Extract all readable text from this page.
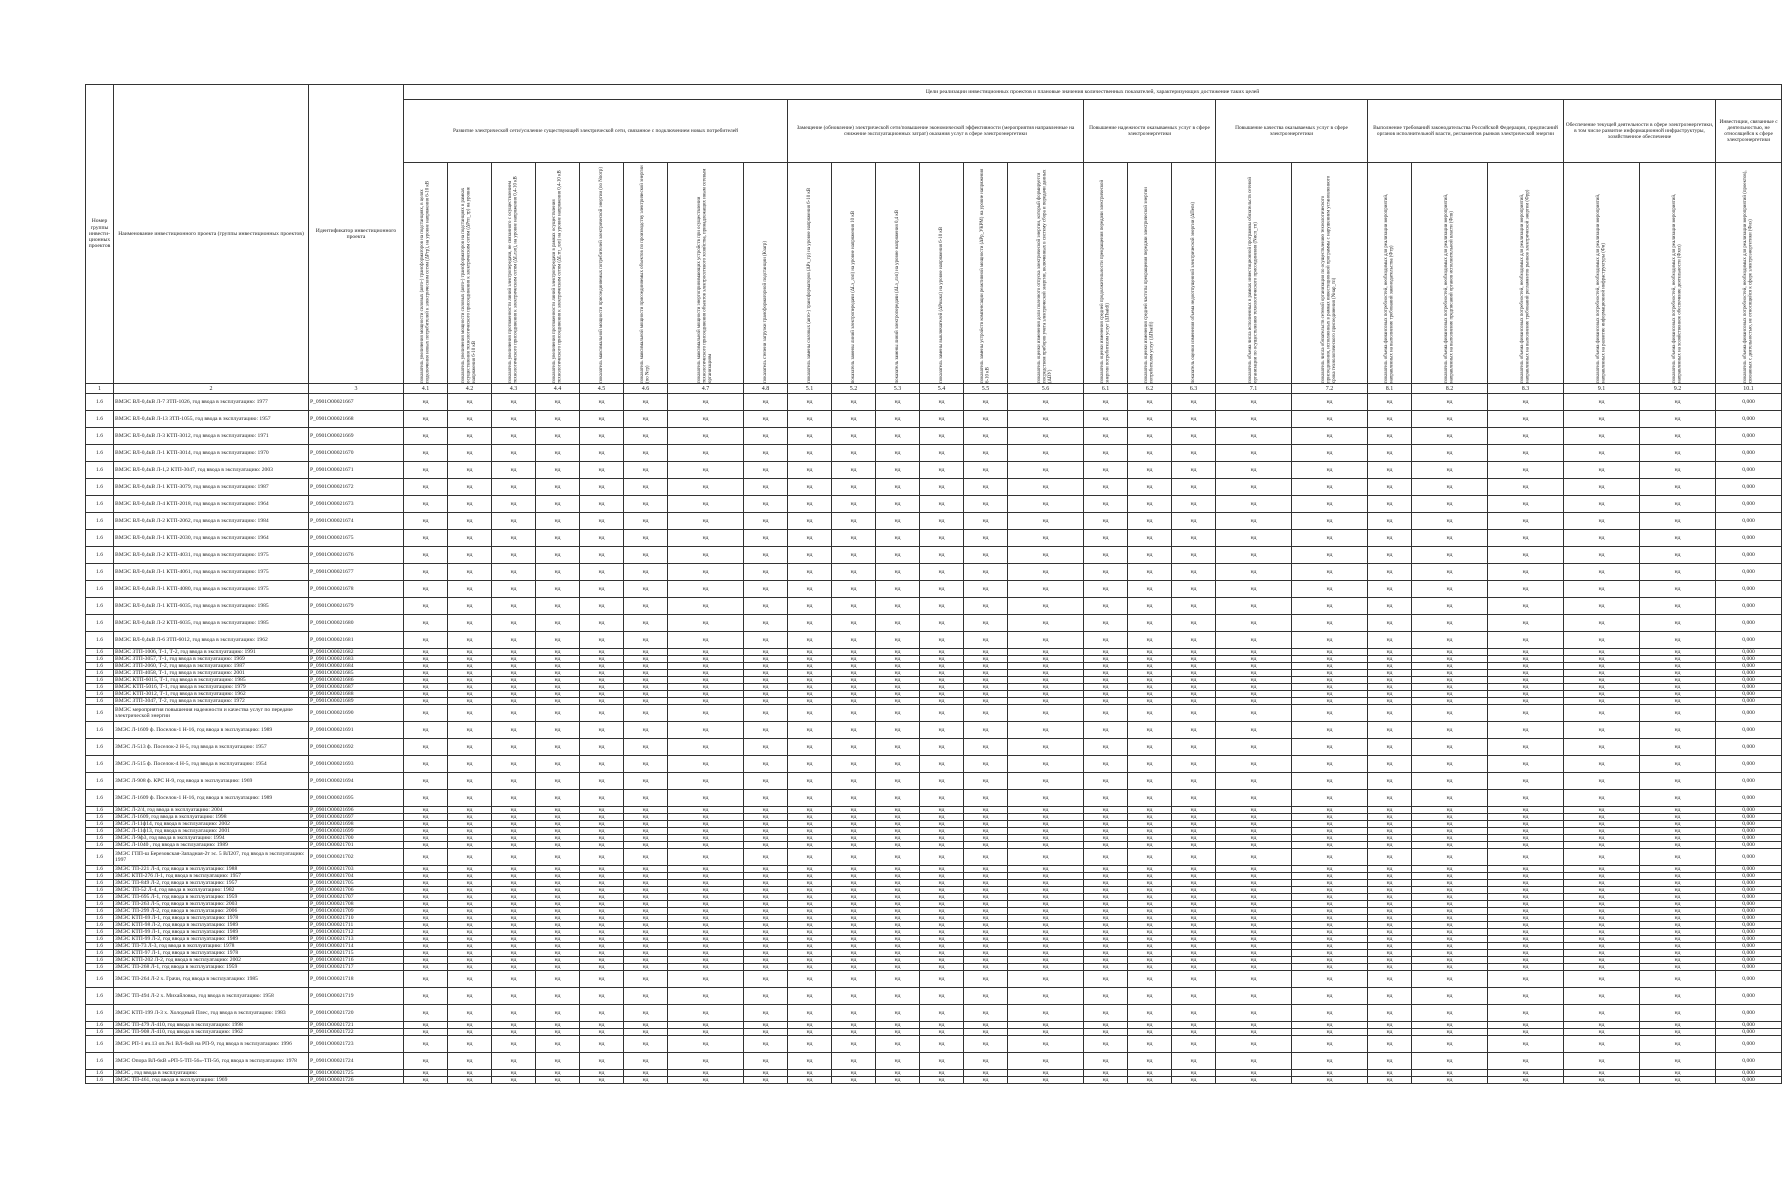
Номер группы инвести-ционных проектов	Наименование инвестиционного проекта (группы инвестиционных проектов)	Идентификатор инвестиционного проекта	Цели реализации инвестиционных проектов и плановые значения количественных показателей, характеризующих достижение таких целей																								
			Развитие электрической сети/усиление существующей электрической сети, связанное с подключением новых потребителей								Замещение (обновление) электрической сети/повышение экономической эффективности (мероприятия направленные на снижение эксплуатационных затрат) оказания услуг в сфере электроэнергетики						Повышение надежности оказываемых услуг в сфере электроэнергетики			Повышение качества оказываемых услуг в сфере электроэнергетики		Выполнение требований законодательства Российской Федерации, предписаний органов исполнительной власти, регламентов рынков электрической энергии			Обеспечение текущей деятельности в сфере электроэнергетики, в том числе развитие информационной инфраструктуры, хозяйственное обеспечение		Инвестиции, связанные с деятельностью, не относящейся к сфере электроэнергетики

			показатель увеличения мощности силовых (авто-) трансформаторов на подстанциях, в целях подключения новых потребителей к электрическим сетям (ΔPтр), на уровне напряжения 6-10 кВ	показатель увеличения мощности силовых (авто-) трансформаторов на подстанциях в рамках осуществления технологического присоединения к электрическим сетям (ΔPтп_тр) на уровне напряжения 6-10 кВ	показатель увеличения протяженности линий электропередачи, не связанного с осуществлением технологического присоединения к электрическим сетям (ΔLлэп), на уровне напряжения 0,4-10 кВ	показатель увеличения протяженности линий электропередачи в рамках осуществления технологического присоединения к электрическим сетям (ΔLтп_лэп) на уровне напряжения 0,4-10 кВ	показатель максимальной мощности присоединяемых потребителей электрической энергии (по Nпотр)	показатель максимальной мощности присоединяемых объектов по производству электрической энергии (по Nгр)	показатель максимальной мощности энергопринимающих устройств при осуществлении технологического присоединения объектов электросетевого хозяйства, принадлежащих иным сетевым организациям	показатель степени загрузки трансформаторной подстанции (Кзагр)	показатель замены силовых (авто-) трансформаторов (ΔPз_тр) на уровне напряжения 6-10 кВ	показатель замены линий электропередачи (ΔLз_лэп) на уровне напряжения 10 кВ	показатель замены линий электропередачи (ΔLз_лэп) на уровне напряжения 0,4 кВ	показатель замены выключателей (ΔPвыкл) на уровне напряжения 6-10 кВ	показатель замены устройств компенсации реактивной мощности (ΔPр_УКРМ) на уровне напряжения 6-10 кВ	показатель оценки изменения доли полезного отпуска электрической энергии, который формируется посредством приборов учета электрической энергии, включенных в систему сбора и передачи данных (ΔDУ)	показатель оценки изменения средней продолжительности прекращения передачи электрической энергии потребителям услуг (ΔПsaidi)	показатель оценки изменения средней частоты прекращения передачи электрической энергии потребителям услуг (ΔПsaifi)	показатель оценки изменения объема недоотпущенной электрической энергии (ΔПens)	показатель объема числа исполненных в рамках инвестиционной программы обязательств сетевой организации по осуществлению технологического присоединения (Nисп_тп)	показатель числа обязательств сетевой организации по осуществлению технологического присоединения, исполненных в рамках инвестиционной программы с нарушением установленного срока технологического присоединения (Nнар_тп)	показатель объема финансовых потребностей, необходимых для реализации мероприятий, направленных на выполнение требований законодательства (Фтр)	показатель объема финансовых потребностей, необходимых для реализации мероприятий, направленных на выполнение предписаний органов исполнительной власти (Фпв)	показатель объема финансовых потребностей, необходимых для реализации мероприятий, направленных на выполнение требований регламентов рынков электрической энергии (Фрр)	показатель объема финансовых потребностей, необходимых для реализации мероприятий, направленных на развитие информационной инфраструктуры (Фи)	показатель объема финансовых потребностей, необходимых для реализации мероприятий, направленных на хозяйственное обеспечение деятельности (Фхоз)	показатель объема финансовых потребностей, необходимых для реализации мероприятий (проектов), связанных с деятельностью, не относящейся к сфере электроэнергетики (Фнэ)

1	2	3	4.1	4.2	4.3	4.4	4.5	4.6	4.7	4.8	5.1	5.2	5.3	5.4	5.5	5.6	6.1	6.2	6.3	7.1	7.2	8.1	8.2	8.3	9.1	9.2	10.1
1.6	ВМЭС ВЛ-0,4кВ Л-7 ЗТП-1026, год ввода в эксплуатацию: 1977	P_0901O00021667	нд	нд	нд	нд	нд	нд	нд	нд	нд	нд	нд	нд	нд	нд	нд	нд	нд	нд	нд	нд	нд	нд	нд	нд	0,000
1.6	ВМЭС ВЛ-0,4кВ Л-13 ЗТП-1055, год ввода в эксплуатацию: 1957	P_0901O00021668	нд	нд	нд	нд	нд	нд	нд	нд	нд	нд	нд	нд	нд	нд	нд	нд	нд	нд	нд	нд	нд	нд	нд	нд	0,000
1.6	ВМЭС ВЛ-0,4кВ Л-3 КТП-3012, год ввода в эксплуатацию: 1971	P_0901O00021669	нд	нд	нд	нд	нд	нд	нд	нд	нд	нд	нд	нд	нд	нд	нд	нд	нд	нд	нд	нд	нд	нд	нд	нд	0,000
1.6	ВМЭС ВЛ-0,4кВ Л-1 КТП-3014, год ввода в эксплуатацию: 1970	P_0901O00021670	нд	нд	нд	нд	нд	нд	нд	нд	нд	нд	нд	нд	нд	нд	нд	нд	нд	нд	нд	нд	нд	нд	нд	нд	0,000
1.6	ВМЭС ВЛ-0,4кВ Л-1,2 КТП-3047, год ввода в эксплуатацию: 2003	P_0901O00021671	нд	нд	нд	нд	нд	нд	нд	нд	нд	нд	нд	нд	нд	нд	нд	нд	нд	нд	нд	нд	нд	нд	нд	нд	0,000
1.6	ВМЭС ВЛ-0,4кВ Л-1 КТП-3079, год ввода в эксплуатацию: 1987	P_0901O00021672	нд	нд	нд	нд	нд	нд	нд	нд	нд	нд	нд	нд	нд	нд	нд	нд	нд	нд	нд	нд	нд	нд	нд	нд	0,000
1.6	ВМЭС ВЛ-0,4кВ Л-4 КТП-2018, год ввода в эксплуатацию: 1964	P_0901O00021673	нд	нд	нд	нд	нд	нд	нд	нд	нд	нд	нд	нд	нд	нд	нд	нд	нд	нд	нд	нд	нд	нд	нд	нд	0,000
1.6	ВМЭС ВЛ-0,4кВ Л-2 КТП-2062, год ввода в эксплуатацию: 1984	P_0901O00021674	нд	нд	нд	нд	нд	нд	нд	нд	нд	нд	нд	нд	нд	нд	нд	нд	нд	нд	нд	нд	нд	нд	нд	нд	0,000
1.6	ВМЭС ВЛ-0,4кВ Л-1 КТП-2030, год ввода в эксплуатацию: 1964	P_0901O00021675	нд	нд	нд	нд	нд	нд	нд	нд	нд	нд	нд	нд	нд	нд	нд	нд	нд	нд	нд	нд	нд	нд	нд	нд	0,000
1.6	ВМЭС ВЛ-0,4кВ Л-2 КТП-4031, год ввода в эксплуатацию: 1975	P_0901O00021676	нд	нд	нд	нд	нд	нд	нд	нд	нд	нд	нд	нд	нд	нд	нд	нд	нд	нд	нд	нд	нд	нд	нд	нд	0,000
1.6	ВМЭС ВЛ-0,4кВ Л-1 КТП-4061, год ввода в эксплуатацию: 1975	P_0901O00021677	нд	нд	нд	нд	нд	нд	нд	нд	нд	нд	нд	нд	нд	нд	нд	нд	нд	нд	нд	нд	нд	нд	нд	нд	0,000
1.6	ВМЭС ВЛ-0,4кВ Л-1 КТП-4080, год ввода в эксплуатацию: 1975	P_0901O00021678	нд	нд	нд	нд	нд	нд	нд	нд	нд	нд	нд	нд	нд	нд	нд	нд	нд	нд	нд	нд	нд	нд	нд	нд	0,000
1.6	ВМЭС ВЛ-0,4кВ Л-1 КТП-6035, год ввода в эксплуатацию: 1985	P_0901O00021679	нд	нд	нд	нд	нд	нд	нд	нд	нд	нд	нд	нд	нд	нд	нд	нд	нд	нд	нд	нд	нд	нд	нд	нд	0,000
1.6	ВМЭС ВЛ-0,4кВ Л-2 КТП-6035, год ввода в эксплуатацию: 1985	P_0901O00021680	нд	нд	нд	нд	нд	нд	нд	нд	нд	нд	нд	нд	нд	нд	нд	нд	нд	нд	нд	нд	нд	нд	нд	нд	0,000
1.6	ВМЭС ВЛ-0,4кВ Л-6 ЗТП-6012, год ввода в эксплуатацию: 1962	P_0901O00021681	нд	нд	нд	нд	нд	нд	нд	нд	нд	нд	нд	нд	нд	нд	нд	нд	нд	нд	нд	нд	нд	нд	нд	нд	0,000
1.6	ВМЭС ЗТП-1006, Т-1, Т-2, год ввода в эксплуатацию: 1991	P_0901O00021682	нд	нд	нд	нд	нд	нд	нд	нд	нд	нд	нд	нд	нд	нд	нд	нд	нд	нд	нд	нд	нд	нд	нд	нд	0,000
1.6	ВМЭС ЗТП-3057, Т-1, год ввода в эксплуатацию: 1969	P_0901O00021683	нд	нд	нд	нд	нд	нд	нд	нд	нд	нд	нд	нд	нд	нд	нд	нд	нд	нд	нд	нд	нд	нд	нд	нд	0,000
1.6	ВМЭС ЗТП-2060, Т-2, год ввода в эксплуатацию: 1987	P_0901O00021684	нд	нд	нд	нд	нд	нд	нд	нд	нд	нд	нд	нд	нд	нд	нд	нд	нд	нд	нд	нд	нд	нд	нд	нд	0,000
1.6	ВМЭС ЗТП-4058, Т-1, год ввода в эксплуатацию: 2001	P_0901O00021685	нд	нд	нд	нд	нд	нд	нд	нд	нд	нд	нд	нд	нд	нд	нд	нд	нд	нд	нд	нд	нд	нд	нд	нд	0,000
1.6	ВМЭС КТП-6015, Т-1, год ввода в эксплуатацию: 1985	P_0901O00021686	нд	нд	нд	нд	нд	нд	нд	нд	нд	нд	нд	нд	нд	нд	нд	нд	нд	нд	нд	нд	нд	нд	нд	нд	0,000
1.6	ВМЭС КТП-5016, Т-1, год ввода в эксплуатацию: 1979	P_0901O00021687	нд	нд	нд	нд	нд	нд	нд	нд	нд	нд	нд	нд	нд	нд	нд	нд	нд	нд	нд	нд	нд	нд	нд	нд	0,000
1.6	ВМЭС КТП-3012, Т-1, год ввода в эксплуатацию: 1962	P_0901O00021688	нд	нд	нд	нд	нд	нд	нд	нд	нд	нд	нд	нд	нд	нд	нд	нд	нд	нд	нд	нд	нд	нд	нд	нд	0,000
1.6	ВМЭС ЗТП-3047, Т-2, год ввода в эксплуатацию: 1972	P_0901O00021689	нд	нд	нд	нд	нд	нд	нд	нд	нд	нд	нд	нд	нд	нд	нд	нд	нд	нд	нд	нд	нд	нд	нд	нд	0,000
1.6	ВМЭС мероприятия повышения надежности и качества услуг по передаче электрической энергии	P_0901O00021690	нд	нд	нд	нд	нд	нд	нд	нд	нд	нд	нд	нд	нд	нд	нд	нд	нд	нд	нд	нд	нд	нд	нд	нд	0,000
1.6	ЗМЭС Л-1609 ф. Поселок-1 Н-16, год ввода в эксплуатацию: 1989	P_0901O00021691	нд	нд	нд	нд	нд	нд	нд	нд	нд	нд	нд	нд	нд	нд	нд	нд	нд	нд	нд	нд	нд	нд	нд	нд	0,000
1.6	ЗМЭС Л-513 ф. Поселок-2 Н-5, год ввода в эксплуатацию: 1957	P_0901O00021692	нд	нд	нд	нд	нд	нд	нд	нд	нд	нд	нд	нд	нд	нд	нд	нд	нд	нд	нд	нд	нд	нд	нд	нд	0,000
1.6	ЗМЭС Л-515 ф. Поселок-4 Н-5, год ввода в эксплуатацию: 1954	P_0901O00021693	нд	нд	нд	нд	нд	нд	нд	нд	нд	нд	нд	нд	нд	нд	нд	нд	нд	нд	нд	нд	нд	нд	нд	нд	0,000
1.6	ЗМЭС Л-908 ф. КРС Н-9, год ввода в эксплуатацию: 1969	P_0901O00021694	нд	нд	нд	нд	нд	нд	нд	нд	нд	нд	нд	нд	нд	нд	нд	нд	нд	нд	нд	нд	нд	нд	нд	нд	0,000
1.6	ЗМЭС Л-1609 ф. Поселок-1 Н-16, год ввода в эксплуатацию: 1989	P_0901O00021695	нд	нд	нд	нд	нд	нд	нд	нд	нд	нд	нд	нд	нд	нд	нд	нд	нд	нд	нд	нд	нд	нд	нд	нд	0,000
1.6	ЗМЭС Л-2/4, год ввода в эксплуатацию: 2004	P_0901O00021696	нд	нд	нд	нд	нд	нд	нд	нд	нд	нд	нд	нд	нд	нд	нд	нд	нд	нд	нд	нд	нд	нд	нд	нд	0,000
1.6	ЗМЭС Л-1609, год ввода в эксплуатацию: 1998	P_0901O00021697	нд	нд	нд	нд	нд	нд	нд	нд	нд	нд	нд	нд	нд	нд	нд	нд	нд	нд	нд	нд	нд	нд	нд	нд	0,000
1.6	ЗМЭС Л-11ф14, год ввода в эксплуатацию: 2002	P_0901O00021698	нд	нд	нд	нд	нд	нд	нд	нд	нд	нд	нд	нд	нд	нд	нд	нд	нд	нд	нд	нд	нд	нд	нд	нд	0,000
1.6	ЗМЭС Л-11ф13, год ввода в эксплуатацию: 2001	P_0901O00021699	нд	нд	нд	нд	нд	нд	нд	нд	нд	нд	нд	нд	нд	нд	нд	нд	нд	нд	нд	нд	нд	нд	нд	нд	0,000
1.6	ЗМЭС Л-9ф3, год ввода в эксплуатацию: 1994	P_0901O00021700	нд	нд	нд	нд	нд	нд	нд	нд	нд	нд	нд	нд	нд	нд	нд	нд	нд	нд	нд	нд	нд	нд	нд	нд	0,000
1.6	ЗМЭС Л-1040 , год ввода в эксплуатацию: 1989	P_0901O00021701	нд	нд	нд	нд	нд	нд	нд	нд	нд	нд	нд	нд	нд	нд	нд	нд	нд	нд	нд	нд	нд	нд	нд	нд	0,000
1.6	ЗМЭС ГПП-ш Березовская-Западная-2т эс. 5 ВЛ207, год ввода в эксплуатацию: 1997	P_0901O00021702	нд	нд	нд	нд	нд	нд	нд	нд	нд	нд	нд	нд	нд	нд	нд	нд	нд	нд	нд	нд	нд	нд	нд	нд	0,000
1.6	ЗМЭС ТП-221 Л-4, год ввода в эксплуатацию: 1988	P_0901O00021703	нд	нд	нд	нд	нд	нд	нд	нд	нд	нд	нд	нд	нд	нд	нд	нд	нд	нд	нд	нд	нд	нд	нд	нд	0,000
1.6	ЗМЭС КТП-276 Л-1, год ввода в эксплуатацию: 1957	P_0901O00021704	нд	нд	нд	нд	нд	нд	нд	нд	нд	нд	нд	нд	нд	нд	нд	нд	нд	нд	нд	нд	нд	нд	нд	нд	0,000
1.6	ЗМЭС ТП-849 Л-2, год ввода в эксплуатацию: 1957	P_0901O00021705	нд	нд	нд	нд	нд	нд	нд	нд	нд	нд	нд	нд	нд	нд	нд	нд	нд	нд	нд	нд	нд	нд	нд	нд	0,000
1.6	ЗМЭС ТП-52 Л-4, год ввода в эксплуатацию: 1982	P_0901O00021706	нд	нд	нд	нд	нд	нд	нд	нд	нд	нд	нд	нд	нд	нд	нд	нд	нд	нд	нд	нд	нд	нд	нд	нд	0,000
1.6	ЗМЭС ТП-695 Л-1, год ввода в эксплуатацию: 1959	P_0901O00021707	нд	нд	нд	нд	нд	нд	нд	нд	нд	нд	нд	нд	нд	нд	нд	нд	нд	нд	нд	нд	нд	нд	нд	нд	0,000
1.6	ЗМЭС ТП-263 Л-5, год ввода в эксплуатацию: 2003	P_0901O00021708	нд	нд	нд	нд	нд	нд	нд	нд	нд	нд	нд	нд	нд	нд	нд	нд	нд	нд	нд	нд	нд	нд	нд	нд	0,000
1.6	ЗМЭС ТП-299 Л-2, год ввода в эксплуатацию: 2006	P_0901O00021709	нд	нд	нд	нд	нд	нд	нд	нд	нд	нд	нд	нд	нд	нд	нд	нд	нд	нд	нд	нд	нд	нд	нд	нд	0,000
1.6	ЗМЭС КТП-69 Л-1, год ввода в эксплуатацию: 1978	P_0901O00021710	нд	нд	нд	нд	нд	нд	нд	нд	нд	нд	нд	нд	нд	нд	нд	нд	нд	нд	нд	нд	нд	нд	нд	нд	0,000
1.6	ЗМЭС КТП-98 Л-2, год ввода в эксплуатацию: 1989	P_0901O00021711	нд	нд	нд	нд	нд	нд	нд	нд	нд	нд	нд	нд	нд	нд	нд	нд	нд	нд	нд	нд	нд	нд	нд	нд	0,000
1.6	ЗМЭС КТП-99 Л-1, год ввода в эксплуатацию: 1989	P_0901O00021712	нд	нд	нд	нд	нд	нд	нд	нд	нд	нд	нд	нд	нд	нд	нд	нд	нд	нд	нд	нд	нд	нд	нд	нд	0,000
1.6	ЗМЭС КТП-99 Л-2, год ввода в эксплуатацию: 1989	P_0901O00021713	нд	нд	нд	нд	нд	нд	нд	нд	нд	нд	нд	нд	нд	нд	нд	нд	нд	нд	нд	нд	нд	нд	нд	нд	0,000
1.6	ЗМЭС ТП-73 Л-3, год ввода в эксплуатацию: 1978	P_0901O00021714	нд	нд	нд	нд	нд	нд	нд	нд	нд	нд	нд	нд	нд	нд	нд	нд	нд	нд	нд	нд	нд	нд	нд	нд	0,000
1.6	ЗМЭС КТП-97 Л-1, год ввода в эксплуатацию: 1978	P_0901O00021715	нд	нд	нд	нд	нд	нд	нд	нд	нд	нд	нд	нд	нд	нд	нд	нд	нд	нд	нд	нд	нд	нд	нд	нд	0,000
1.6	ЗМЭС КТП-202 Л-2, год ввода в эксплуатацию: 2002	P_0901O00021716	нд	нд	нд	нд	нд	нд	нд	нд	нд	нд	нд	нд	нд	нд	нд	нд	нд	нд	нд	нд	нд	нд	нд	нд	0,000
1.6	ЗМЭС ТП-268 Л-1, год ввода в эксплуатацию: 1959	P_0901O00021717	нд	нд	нд	нд	нд	нд	нд	нд	нд	нд	нд	нд	нд	нд	нд	нд	нд	нд	нд	нд	нд	нд	нд	нд	0,000
1.6	ЗМЭС ТП-264 Л-2 х. Грачи, год ввода в эксплуатацию: 1985	P_0901O00021718	нд	нд	нд	нд	нд	нд	нд	нд	нд	нд	нд	нд	нд	нд	нд	нд	нд	нд	нд	нд	нд	нд	нд	нд	0,000
1.6	ЗМЭС ТП-494 Л-2 х. Михайловка, год ввода в эксплуатацию: 1958	P_0901O00021719	нд	нд	нд	нд	нд	нд	нд	нд	нд	нд	нд	нд	нд	нд	нд	нд	нд	нд	нд	нд	нд	нд	нд	нд	0,000
1.6	ЗМЭС КТП-199 Л-3 х. Холодный Плес, год ввода в эксплуатацию: 1983	P_0901O00021720	нд	нд	нд	нд	нд	нд	нд	нд	нд	нд	нд	нд	нд	нд	нд	нд	нд	нд	нд	нд	нд	нд	нд	нд	0,000
1.6	ЗМЭС ТП-479 Л-410, год ввода в эксплуатацию: 1998	P_0901O00021721	нд	нд	нд	нд	нд	нд	нд	нд	нд	нд	нд	нд	нд	нд	нд	нд	нд	нд	нд	нд	нд	нд	нд	нд	0,000
1.6	ЗМЭС ТП-908 Л-410, год ввода в эксплуатацию: 1962	P_0901O00021722	нд	нд	нд	нд	нд	нд	нд	нд	нд	нд	нд	нд	нд	нд	нд	нд	нд	нд	нд	нд	нд	нд	нд	нд	0,000
1.6	ЗМЭС РП-1 яч.13 оп.№1 ВЛ-6кВ на РП-9, год ввода в эксплуатацию: 1996	P_0901O00021723	нд	нд	нд	нд	нд	нд	нд	нд	нд	нд	нд	нд	нд	нд	нд	нд	нд	нд	нд	нд	нд	нд	нд	нд	0,000
1.6	ЗМЭС Опора ВЛ-6кВ «РП-5-ТП-56»-ТП-56, год ввода в эксплуатацию: 1978	P_0901O00021724	нд	нд	нд	нд	нд	нд	нд	нд	нд	нд	нд	нд	нд	нд	нд	нд	нд	нд	нд	нд	нд	нд	нд	нд	0,000
1.6	ЗМЭС , год ввода в эксплуатацию:	P_0901O00021725	нд	нд	нд	нд	нд	нд	нд	нд	нд	нд	нд	нд	нд	нд	нд	нд	нд	нд	нд	нд	нд	нд	нд	нд	0,000
1.6	ЗМЭС ТП-461, год ввода в эксплуатацию: 1969	P_0901O00021726	нд	нд	нд	нд	нд	нд	нд	нд	нд	нд	нд	нд	нд	нд	нд	нд	нд	нд	нд	нд	нд	нд	нд	нд	0,000
